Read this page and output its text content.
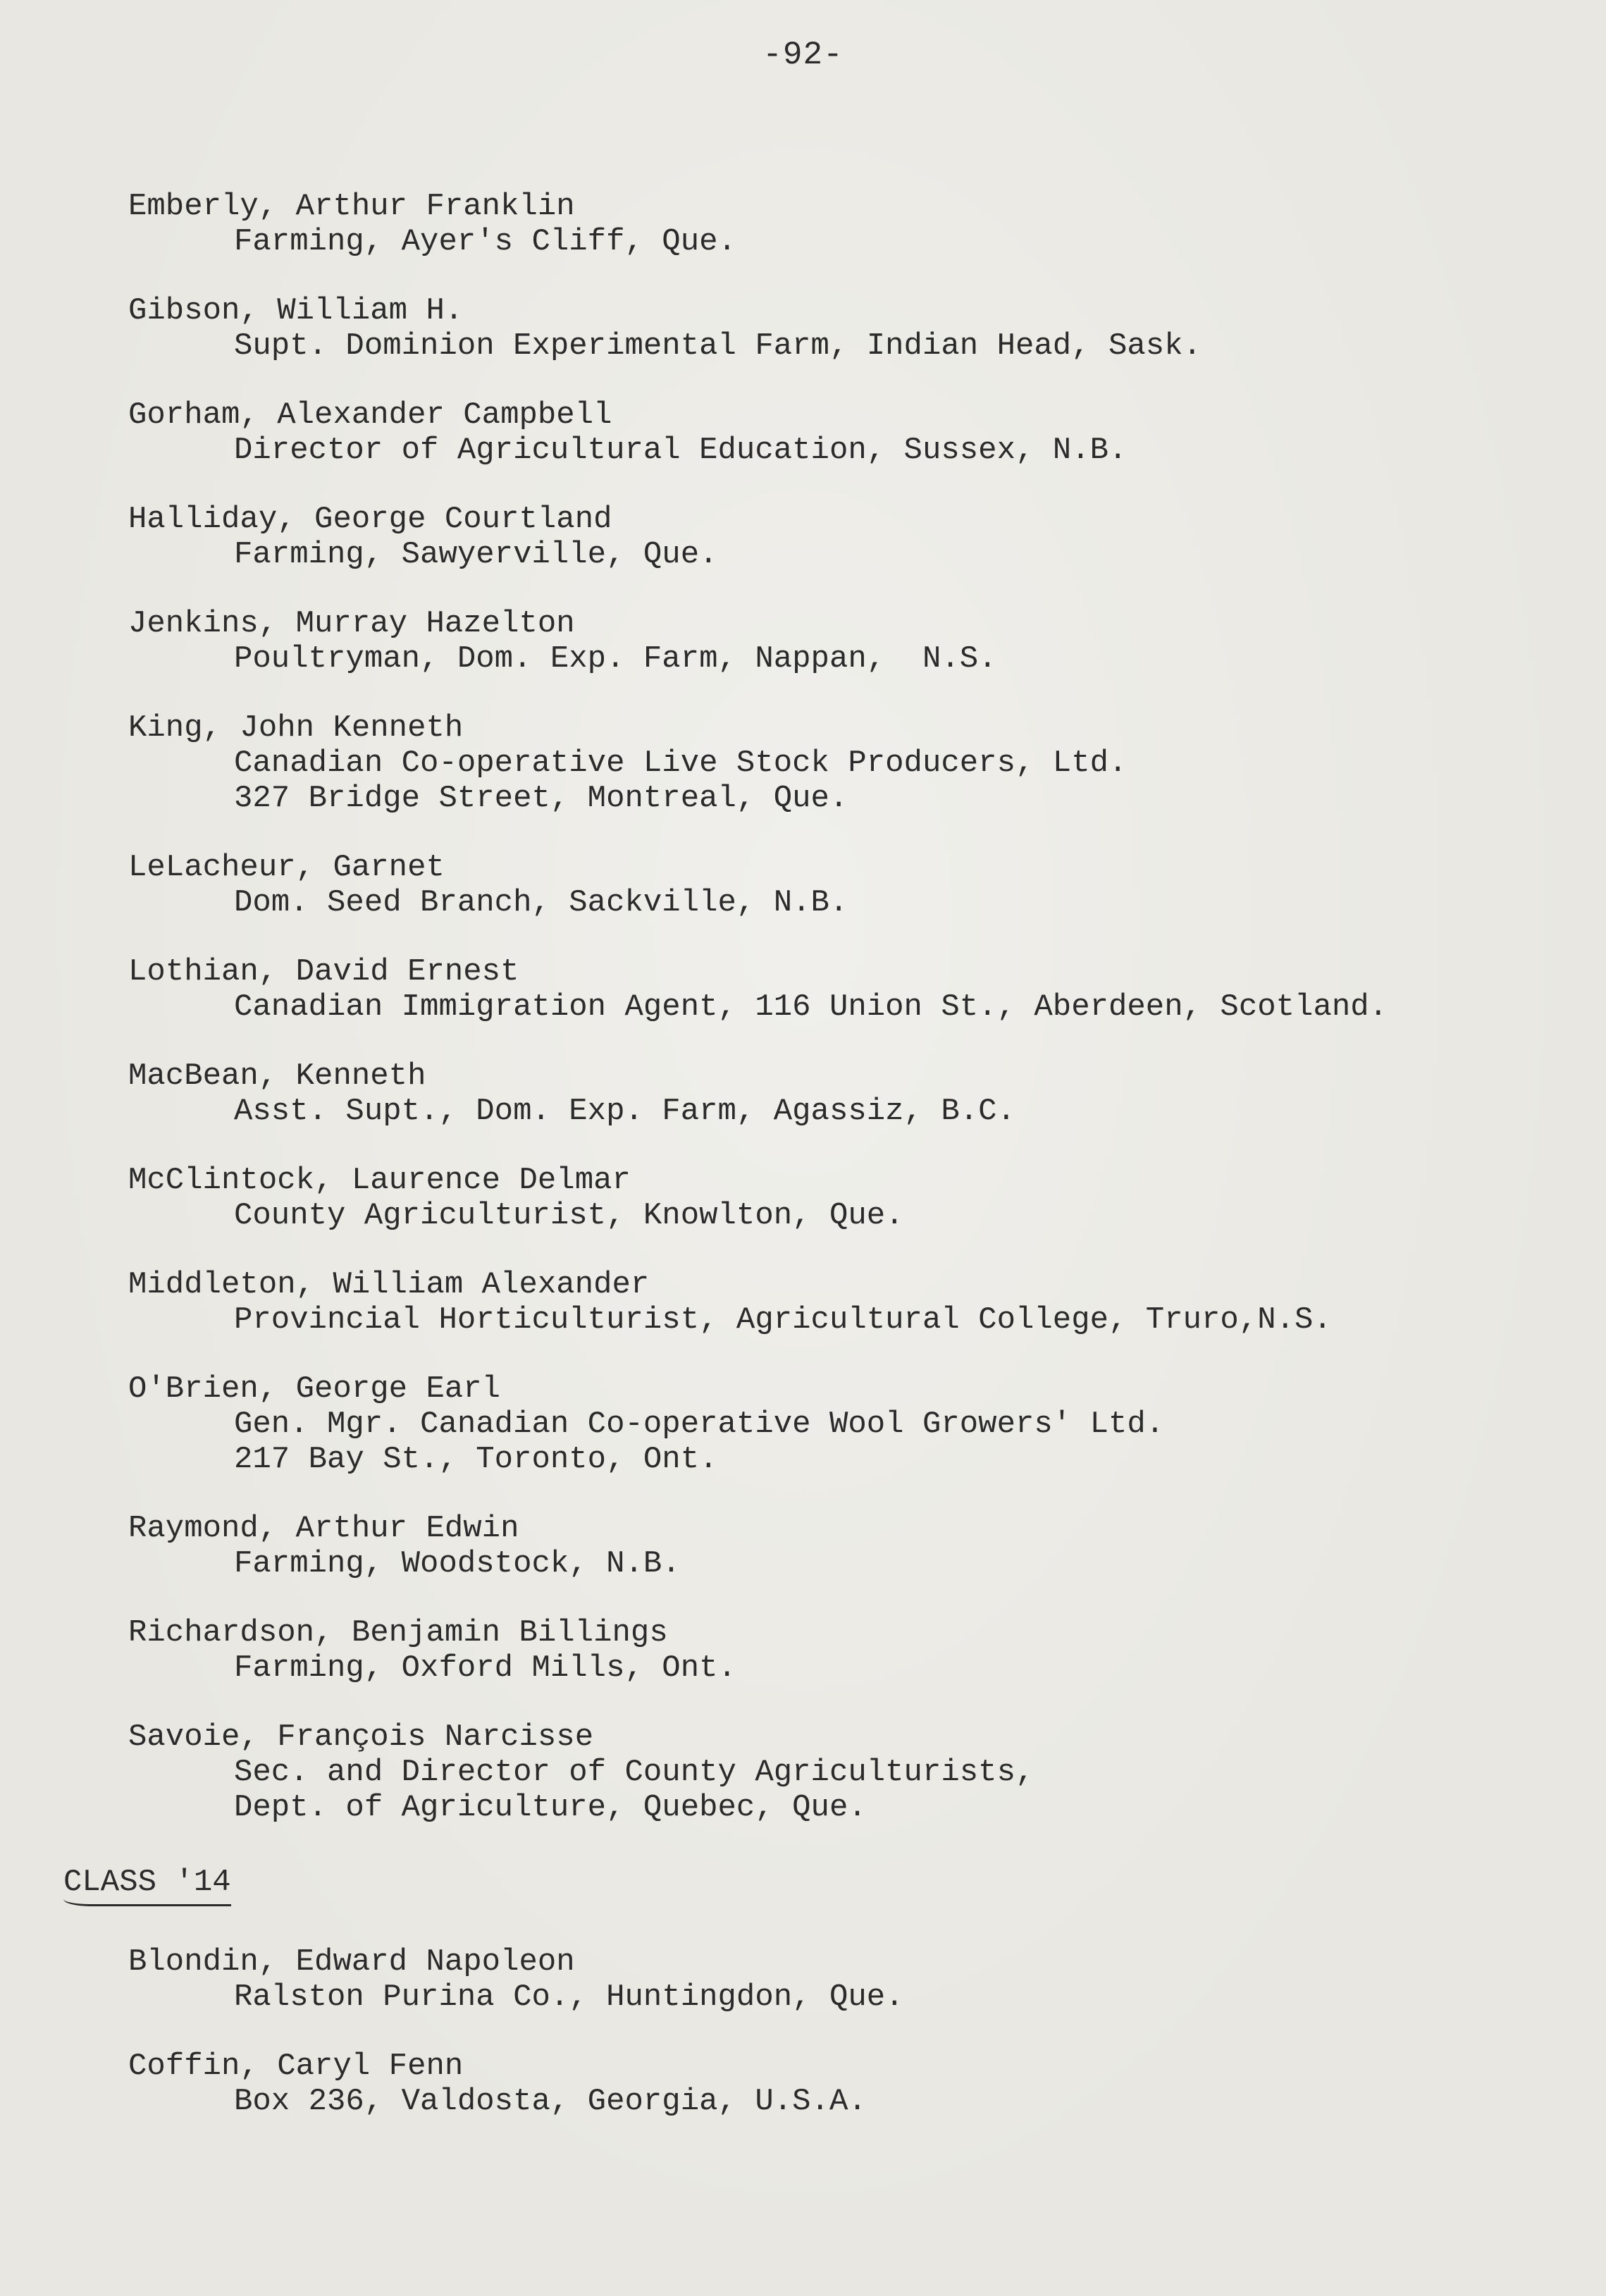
-92-
Emberly, Arthur Franklin
Farming, Ayer's Cliff, Que.
Gibson, William H.
Supt. Dominion Experimental Farm, Indian Head, Sask.
Gorham, Alexander Campbell
Director of Agricultural Education, Sussex, N.B.
Halliday, George Courtland
Farming, Sawyerville, Que.
Jenkins, Murray Hazelton
Poultryman, Dom. Exp. Farm, Nappan,  N.S.
King, John Kenneth
Canadian Co-operative Live Stock Producers, Ltd.
327 Bridge Street, Montreal, Que.
LeLacheur, Garnet
Dom. Seed Branch, Sackville, N.B.
Lothian, David Ernest
Canadian Immigration Agent, 116 Union St., Aberdeen, Scotland.
MacBean, Kenneth
Asst. Supt., Dom. Exp. Farm, Agassiz, B.C.
McClintock, Laurence Delmar
County Agriculturist, Knowlton, Que.
Middleton, William Alexander
Provincial Horticulturist, Agricultural College, Truro,N.S.
O'Brien, George Earl
Gen. Mgr. Canadian Co-operative Wool Growers' Ltd.
217 Bay St., Toronto, Ont.
Raymond, Arthur Edwin
Farming, Woodstock, N.B.
Richardson, Benjamin Billings
Farming, Oxford Mills, Ont.
Savoie, François Narcisse
Sec. and Director of County Agriculturists,
Dept. of Agriculture, Quebec, Que.
CLASS '14
Blondin, Edward Napoleon
Ralston Purina Co., Huntingdon, Que.
Coffin, Caryl Fenn
Box 236, Valdosta, Georgia, U.S.A.
